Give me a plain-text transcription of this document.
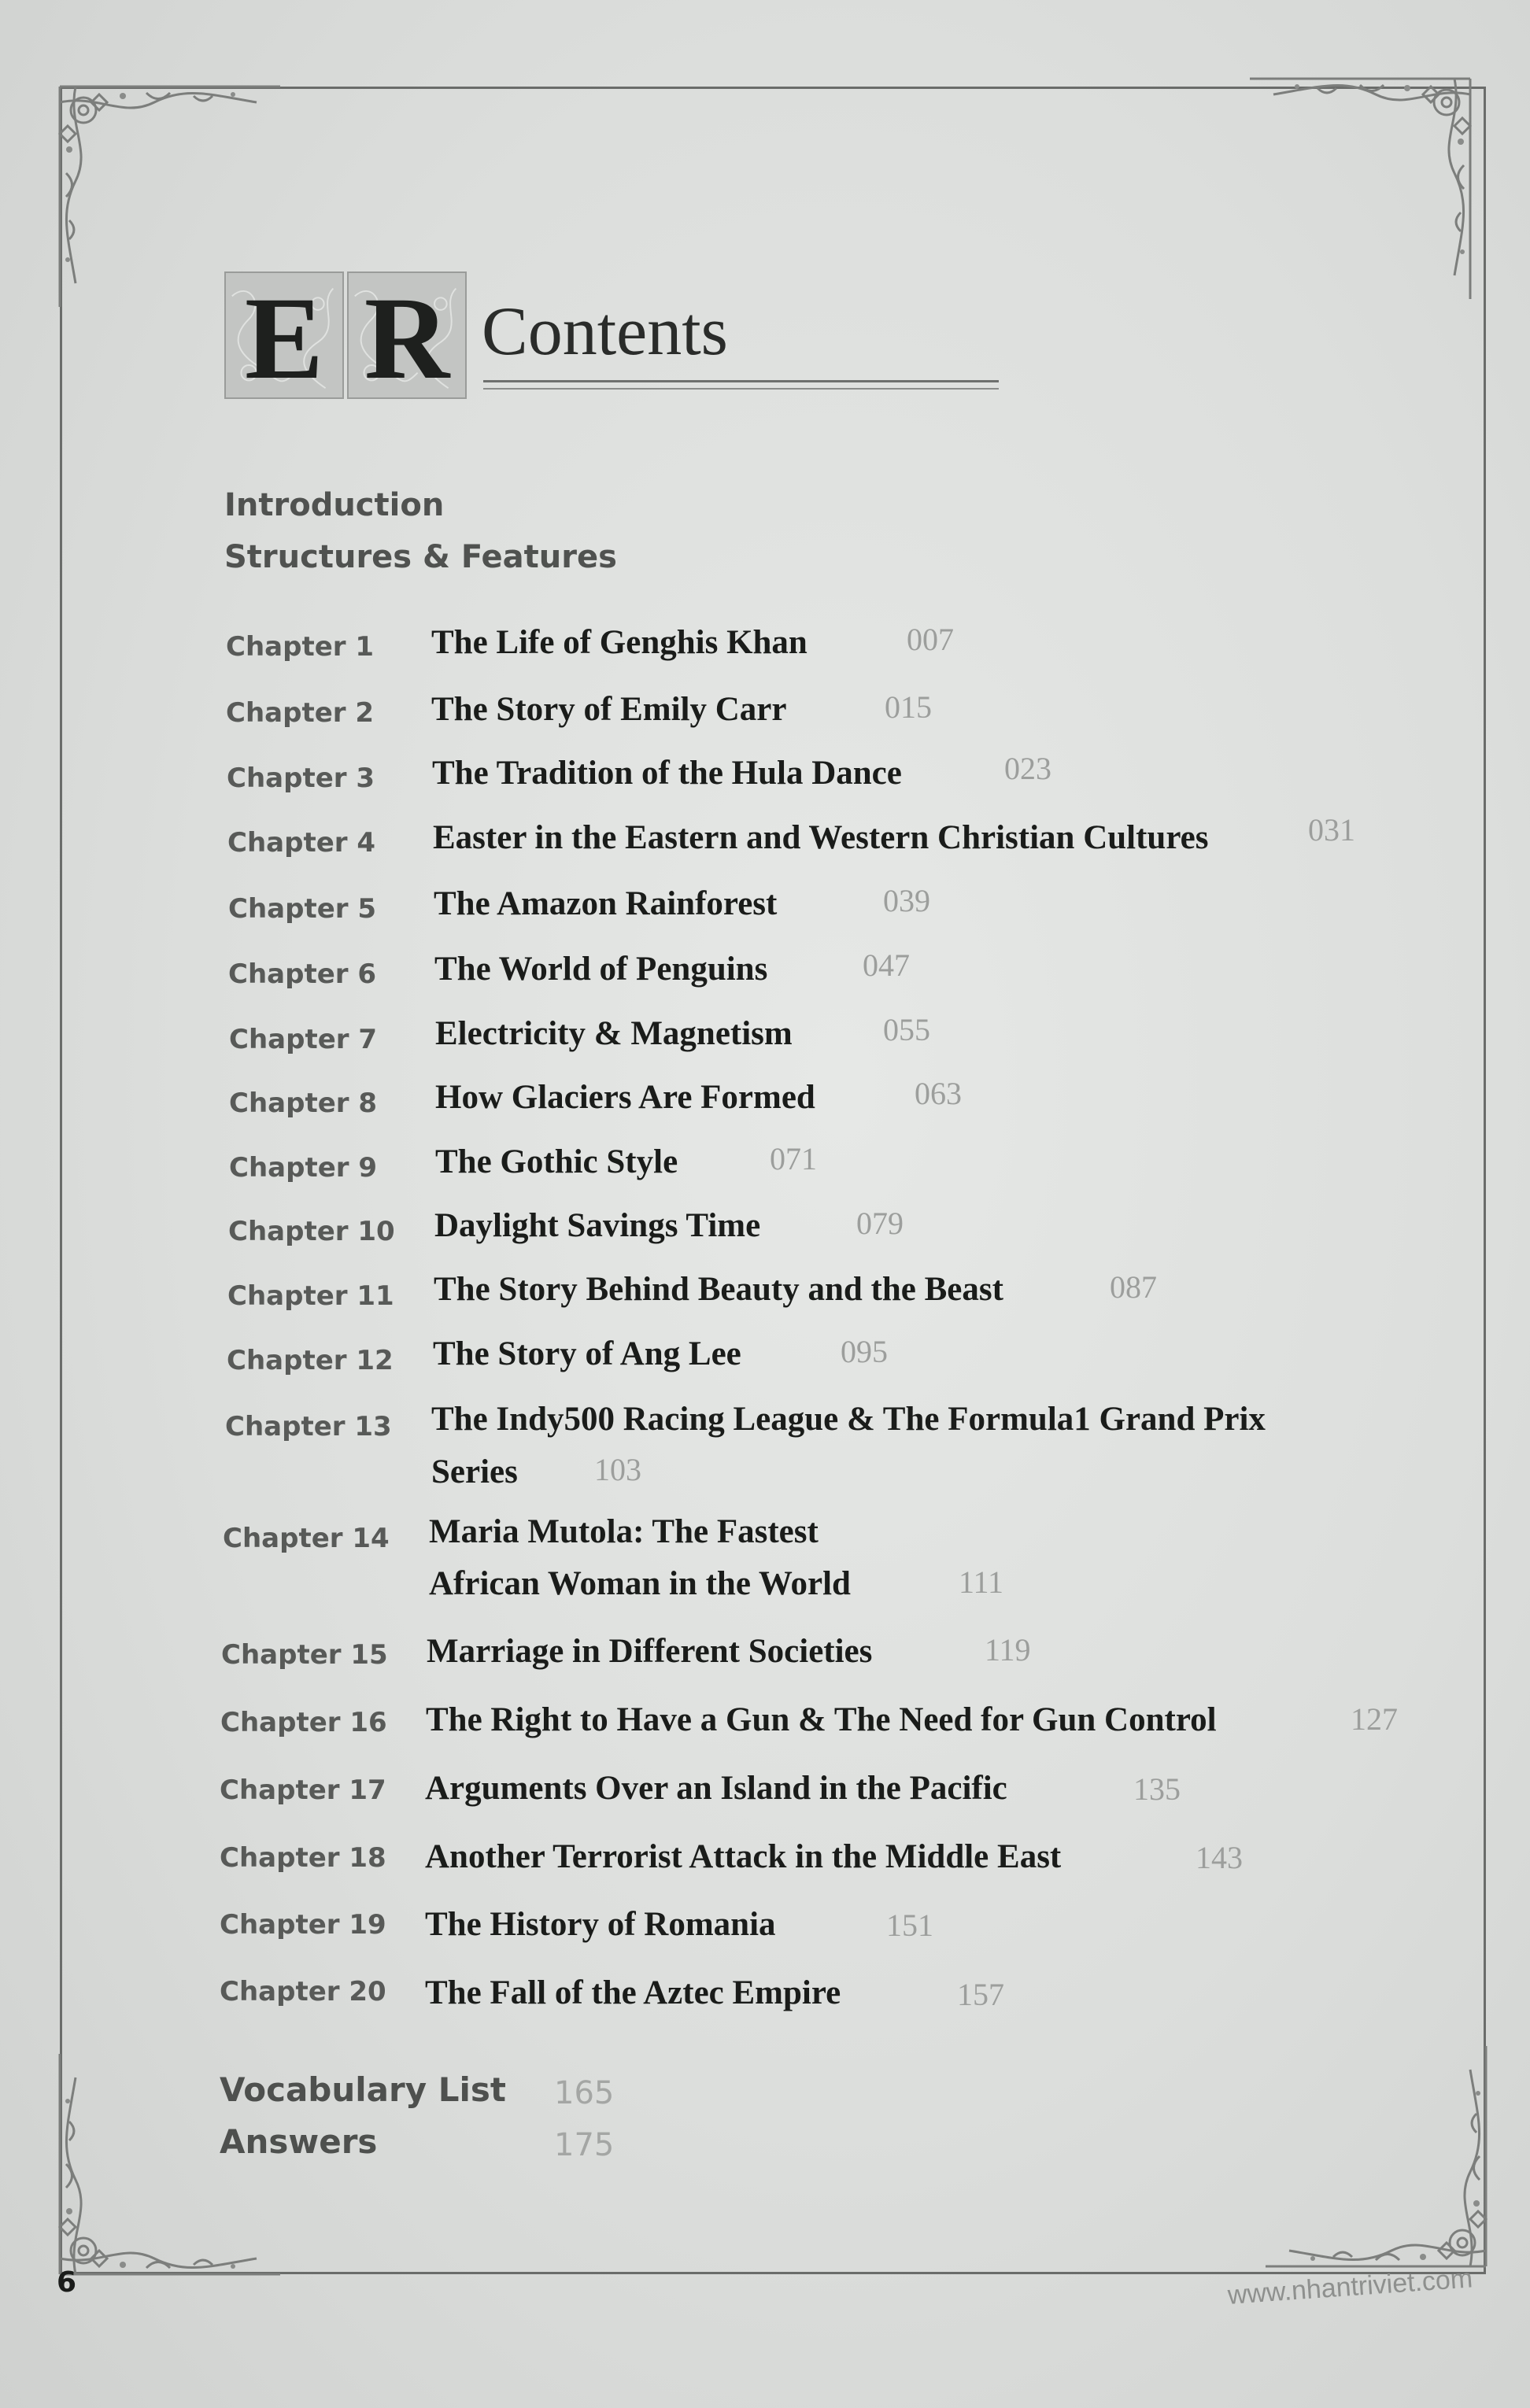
E R Contents
Introduction
Structures & Features
Chapter 1 The Life of Genghis Khan	007
Chapter 2 The Story of Emily Carr	015
Chapter 3 The Tradition of the Hula Dance	023
Chapter 4 Easter in the Eastern and Western Christian Cultures	031
Chapter 5 The Amazon Rainforest	039
Chapter 6 The World of Penguins	047
Chapter 7 Electricity & Magnetism	055
Chapter 8 How Glaciers Are Formed	063
Chapter 9 The Gothic Style	071
Chapter 10 Daylight Savings Time	079
Chapter 11 The Story Behind Beauty and the Beast	087
Chapter 12 The Story of Ang Lee	095
Chapter 13 The Indy500 Racing League & The Formula1 Grand Prix
Series 103
Chapter 14 Maria Mutola: The Fastest
African Woman in the World	111
Chapter 15 Marriage in Different Societies	119
Chapter 16 The Right to Have a Gun & The Need for Gun Control	127
Chapter 17 Arguments Over an Island in the Pacific	135
Chapter 18 Another Terrorist Attack in the Middle East	143
Chapter 19 The History of Romania	151
Chapter 20 The Fall of the Aztec Empire	157
Vocabulary List 165
Answers	175
6	www.nhantriviet.com
